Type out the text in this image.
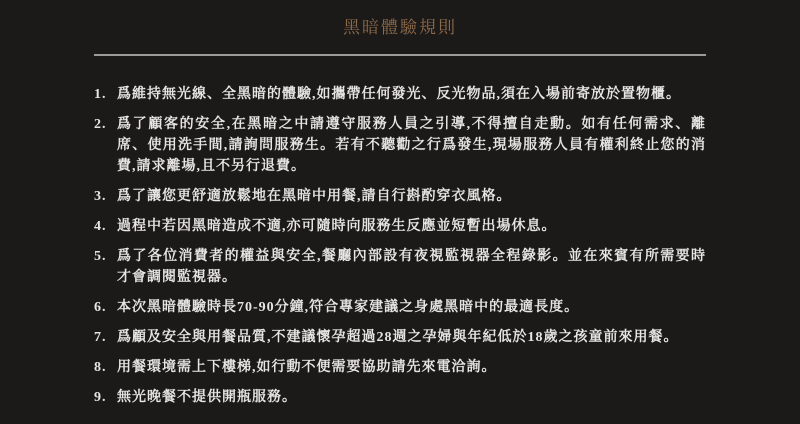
黑暗體驗規則
1. 爲維持無光線、全黑暗的體驗,如攜帶任何發光、反光物品,須在入場前寄放於置物櫃。
2. 爲了顧客的安全,在黑暗之中請遵守服務人員之引導,不得擅自走動。如有任何需求、離席、使用洗手間,請詢問服務生。若有不聽勸之行爲發生,現場服務人員有權利終止您的消費,請求離場,且不另行退費。
3. 爲了讓您更舒適放鬆地在黑暗中用餐,請自行斟酌穿衣風格。
4. 過程中若因黑暗造成不適,亦可隨時向服務生反應並短暫出場休息。
5. 爲了各位消費者的權益與安全,餐廳內部設有夜視監視器全程錄影。並在來賓有所需要時才會調閱監視器。
6. 本次黑暗體驗時長70-90分鐘,符合專家建議之身處黑暗中的最適長度。
7. 爲顧及安全與用餐品質,不建議懷孕超過28週之孕婦與年紀低於18歲之孩童前來用餐。
8. 用餐環境需上下樓梯,如行動不便需要協助請先來電洽詢。
9. 無光晚餐不提供開瓶服務。
